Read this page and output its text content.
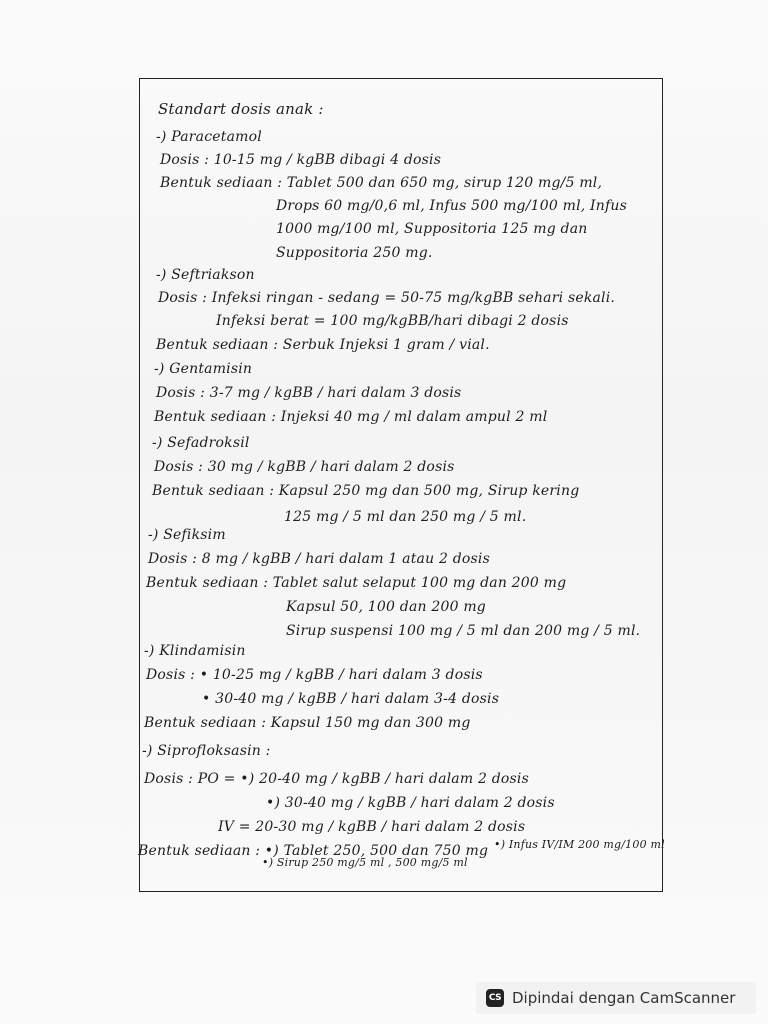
Standart dosis anak :
-) Paracetamol
Dosis : 10-15 mg / kgBB dibagi 4 dosis
Bentuk sediaan : Tablet 500 dan 650 mg, sirup 120 mg/5 ml,
Drops 60 mg/0,6 ml, Infus 500 mg/100 ml, Infus
1000 mg/100 ml, Suppositoria 125 mg dan
Suppositoria 250 mg.
-) Seftriakson
Dosis : Infeksi ringan - sedang = 50-75 mg/kgBB sehari sekali.
Infeksi berat = 100 mg/kgBB/hari dibagi 2 dosis
Bentuk sediaan : Serbuk Injeksi 1 gram / vial.
-) Gentamisin
Dosis : 3-7 mg / kgBB / hari dalam 3 dosis
Bentuk sediaan : Injeksi 40 mg / ml dalam ampul 2 ml
-) Sefadroksil
Dosis : 30 mg / kgBB / hari dalam 2 dosis
Bentuk sediaan : Kapsul 250 mg dan 500 mg, Sirup kering
125 mg / 5 ml dan 250 mg / 5 ml.
-) Sefiksim
Dosis : 8 mg / kgBB / hari dalam 1 atau 2 dosis
Bentuk sediaan : Tablet salut selaput 100 mg dan 200 mg
Kapsul 50, 100 dan 200 mg
Sirup suspensi 100 mg / 5 ml dan 200 mg / 5 ml.
-) Klindamisin
Dosis : • 10-25 mg / kgBB / hari dalam 3 dosis
• 30-40 mg / kgBB / hari dalam 3-4 dosis
Bentuk sediaan : Kapsul 150 mg dan 300 mg
-) Siprofloksasin :
Dosis : PO = •) 20-40 mg / kgBB / hari dalam 2 dosis
•) 30-40 mg / kgBB / hari dalam 2 dosis
IV = 20-30 mg / kgBB / hari dalam 2 dosis
Bentuk sediaan : •) Tablet 250, 500 dan 750 mg •) Infus IV/IM 200 mg/100 ml
•) Sirup 250 mg/5 ml , 500 mg/5 ml
CS Dipindai dengan CamScanner
